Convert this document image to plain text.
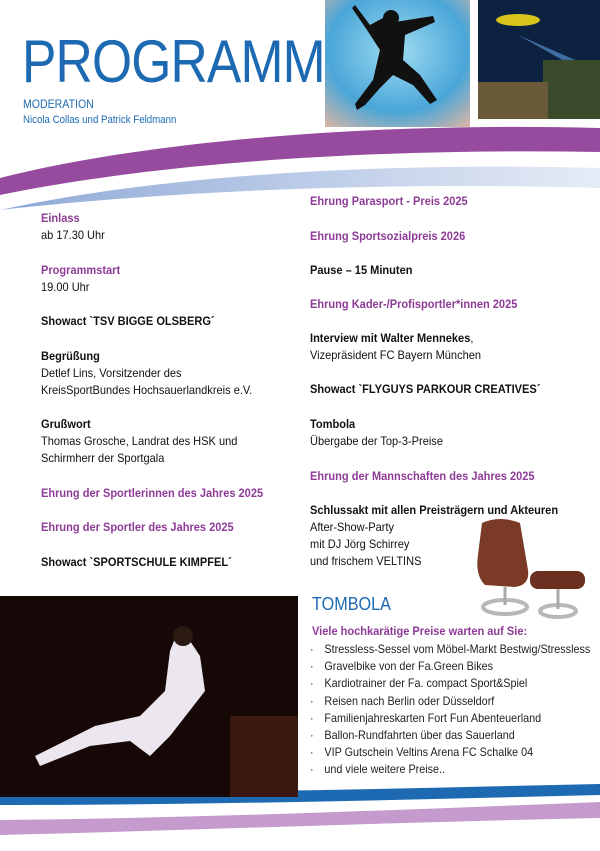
PROGRAMM
MODERATION
Nicola Collas und Patrick Feldmann
Einlass
ab 17.30 Uhr
Programmstart
19.00 Uhr
Showact `TSV BIGGE OLSBERG´
Begrüßung
Detlef Lins, Vorsitzender des
KreisSportBundes Hochsauerlandkreis e.V.
Grußwort
Thomas Grosche, Landrat des HSK und
Schirmherr der Sportgala
Ehrung der Sportlerinnen des Jahres 2025
Ehrung der Sportler des Jahres 2025
Showact `SPORTSCHULE KIMPFEL´
Ehrung Parasport - Preis 2025
Ehrung Sportsozialpreis 2026
Pause – 15 Minuten
Ehrung Kader-/Profisportler*innen 2025
Interview mit Walter Mennekes,
Vizepräsident FC Bayern München
Showact `FLYGUYS PARKOUR CREATIVES´
Tombola
Übergabe der Top-3-Preise
Ehrung der Mannschaften des Jahres 2025
Schlussakt mit allen Preisträgern und Akteuren
After-Show-Party
mit DJ Jörg Schirrey
und frischem VELTINS
TOMBOLA
Viele hochkarätige Preise warten auf Sie:
· Stressless-Sessel vom Möbel-Markt Bestwig/Stressless
· Gravelbike von der Fa.Green Bikes
· Kardiotrainer der Fa. compact Sport&Spiel
· Reisen nach Berlin oder Düsseldorf
· Familienjahreskarten Fort Fun Abenteuerland
· Ballon-Rundfahrten über das Sauerland
· VIP Gutschein Veltins Arena FC Schalke 04
· und viele weitere Preise..
